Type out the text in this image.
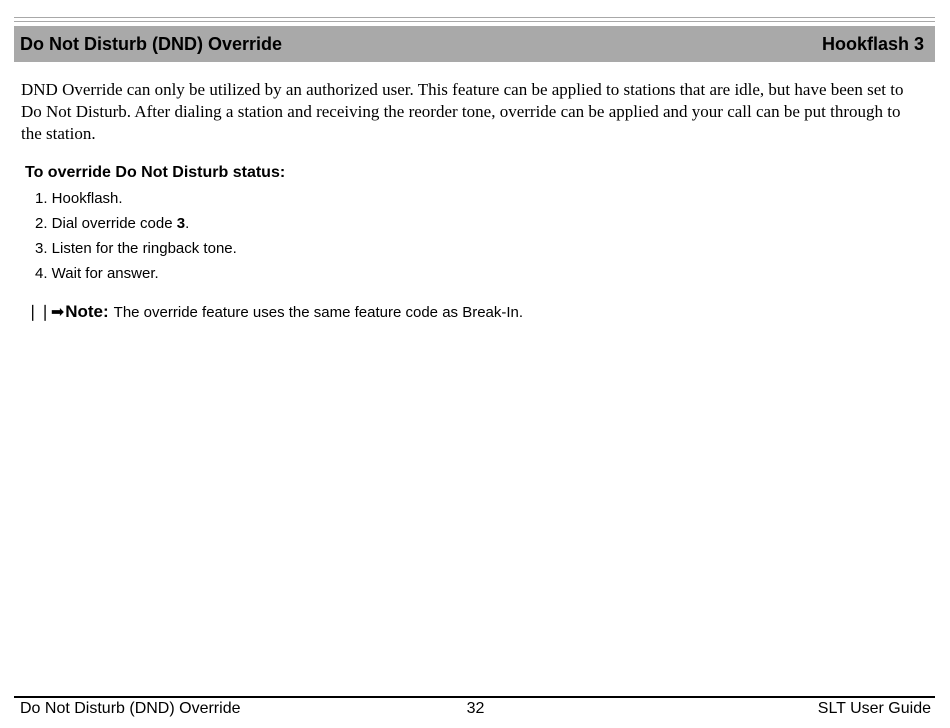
Do Not Disturb (DND) Override	Hookflash 3

DND Override can only be utilized by an authorized user. This feature can be applied to stations that are idle, but have been set to Do Not Disturb. After dialing a station and receiving the reorder tone, override can be applied and your call can be put through to the station.

To override Do Not Disturb status:

1. Hookflash.
2. Dial override code 3.
3. Listen for the ringback tone.
4. Wait for answer.
❘❘➡ Note: The override feature uses the same feature code as Break-In.
Do Not Disturb (DND) Override	32	SLT User Guide
